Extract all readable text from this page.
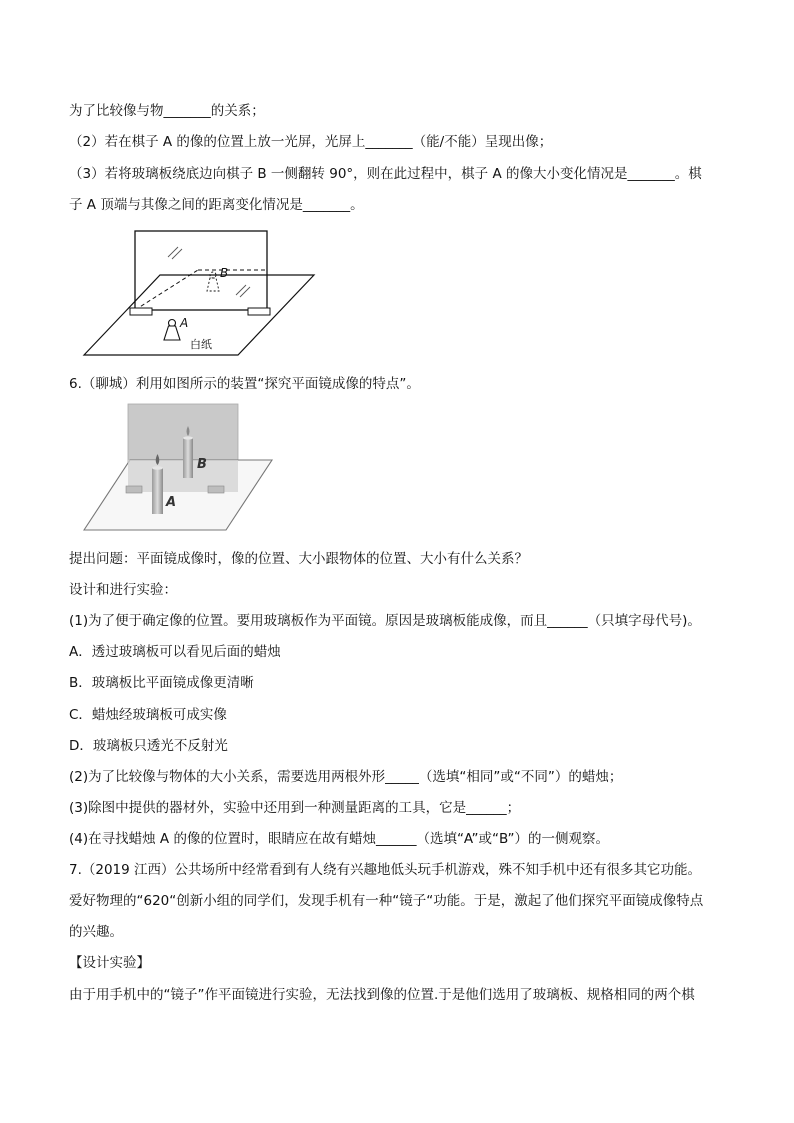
为了比较像与物_______的关系；
（2）若在棋子 A 的像的位置上放一光屏，光屏上_______（能/不能）呈现出像；
（3）若将玻璃板绕底边向棋子 B 一侧翻转 90°，则在此过程中，棋子 A 的像大小变化情况是_______。棋
子 A 顶端与其像之间的距离变化情况是_______。
B
A
白纸
6.（聊城）利用如图所示的装置“探究平面镜成像的特点”。
B
A
提出问题：平面镜成像时，像的位置、大小跟物体的位置、大小有什么关系？
设计和进行实验：
(1)为了便于确定像的位置。要用玻璃板作为平面镜。原因是玻璃板能成像，而且______（只填字母代号)。
A．透过玻璃板可以看见后面的蜡烛
B．玻璃板比平面镜成像更清晰
C．蜡烛经玻璃板可成实像
D．玻璃板只透光不反射光
(2)为了比较像与物体的大小关系，需要选用两根外形_____（选填“相同”或“不同”）的蜡烛；
(3)除图中提供的器材外，实验中还用到一种测量距离的工具，它是______；
(4)在寻找蜡烛 A 的像的位置时，眼睛应在故有蜡烛______（选填“A”或“B”）的一侧观察。
7.（2019 江西）公共场所中经常看到有人绕有兴趣地低头玩手机游戏，殊不知手机中还有很多其它功能。
爱好物理的“620“创新小组的同学们，发现手机有一种“镜子“功能。于是，激起了他们探究平面镜成像特点
的兴趣。
【设计实验】
由于用手机中的“镜子”作平面镜进行实验，无法找到像的位置.于是他们选用了玻璃板、规格相同的两个棋
